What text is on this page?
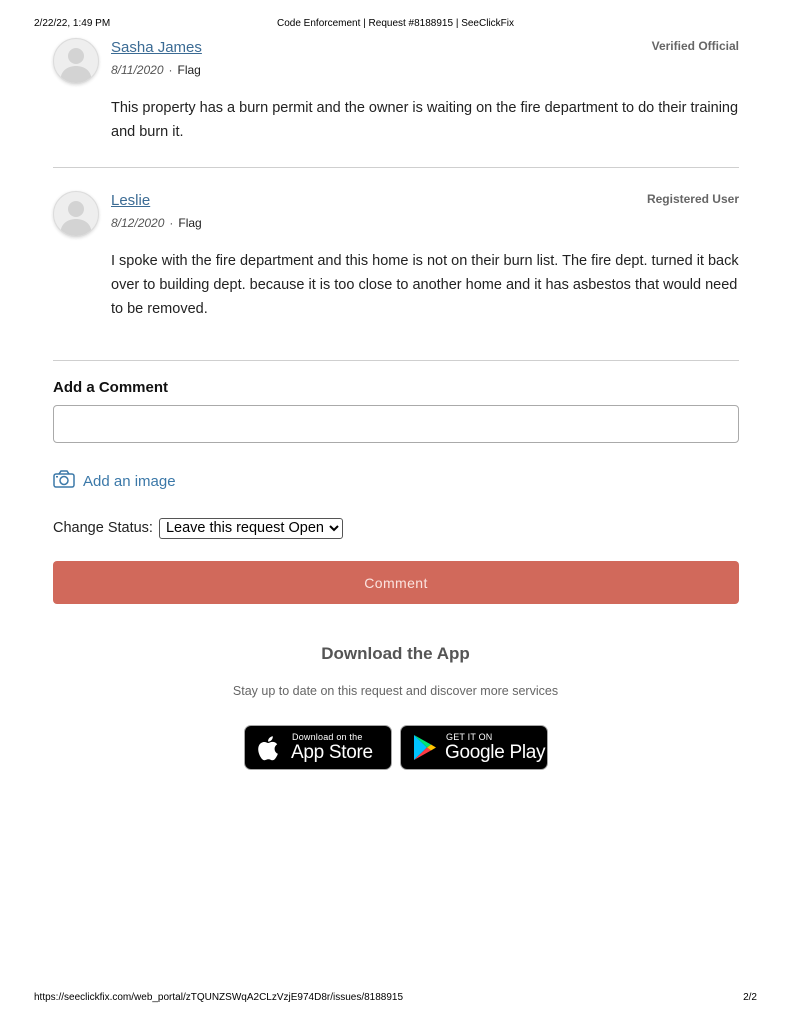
2/22/22, 1:49 PM	Code Enforcement | Request #8188915 | SeeClickFix
Sasha James
8/11/2020 · Flag
Verified Official
This property has a burn permit and the owner is waiting on the fire department to do their training and burn it.
Leslie
8/12/2020 · Flag
Registered User
I spoke with the fire department and this home is not on their burn list. The fire dept. turned it back over to building dept. because it is too close to another home and it has asbestos that would need to be removed.
Add a Comment
Add an image
Change Status:
Leave this request Open
Comment
Download the App
Stay up to date on this request and discover more services
Download on the
App Store
GET IT ON
Google Play
https://seeclickfix.com/web_portal/zTQUNZSWqA2CLzVzjE974D8r/issues/8188915	2/2
